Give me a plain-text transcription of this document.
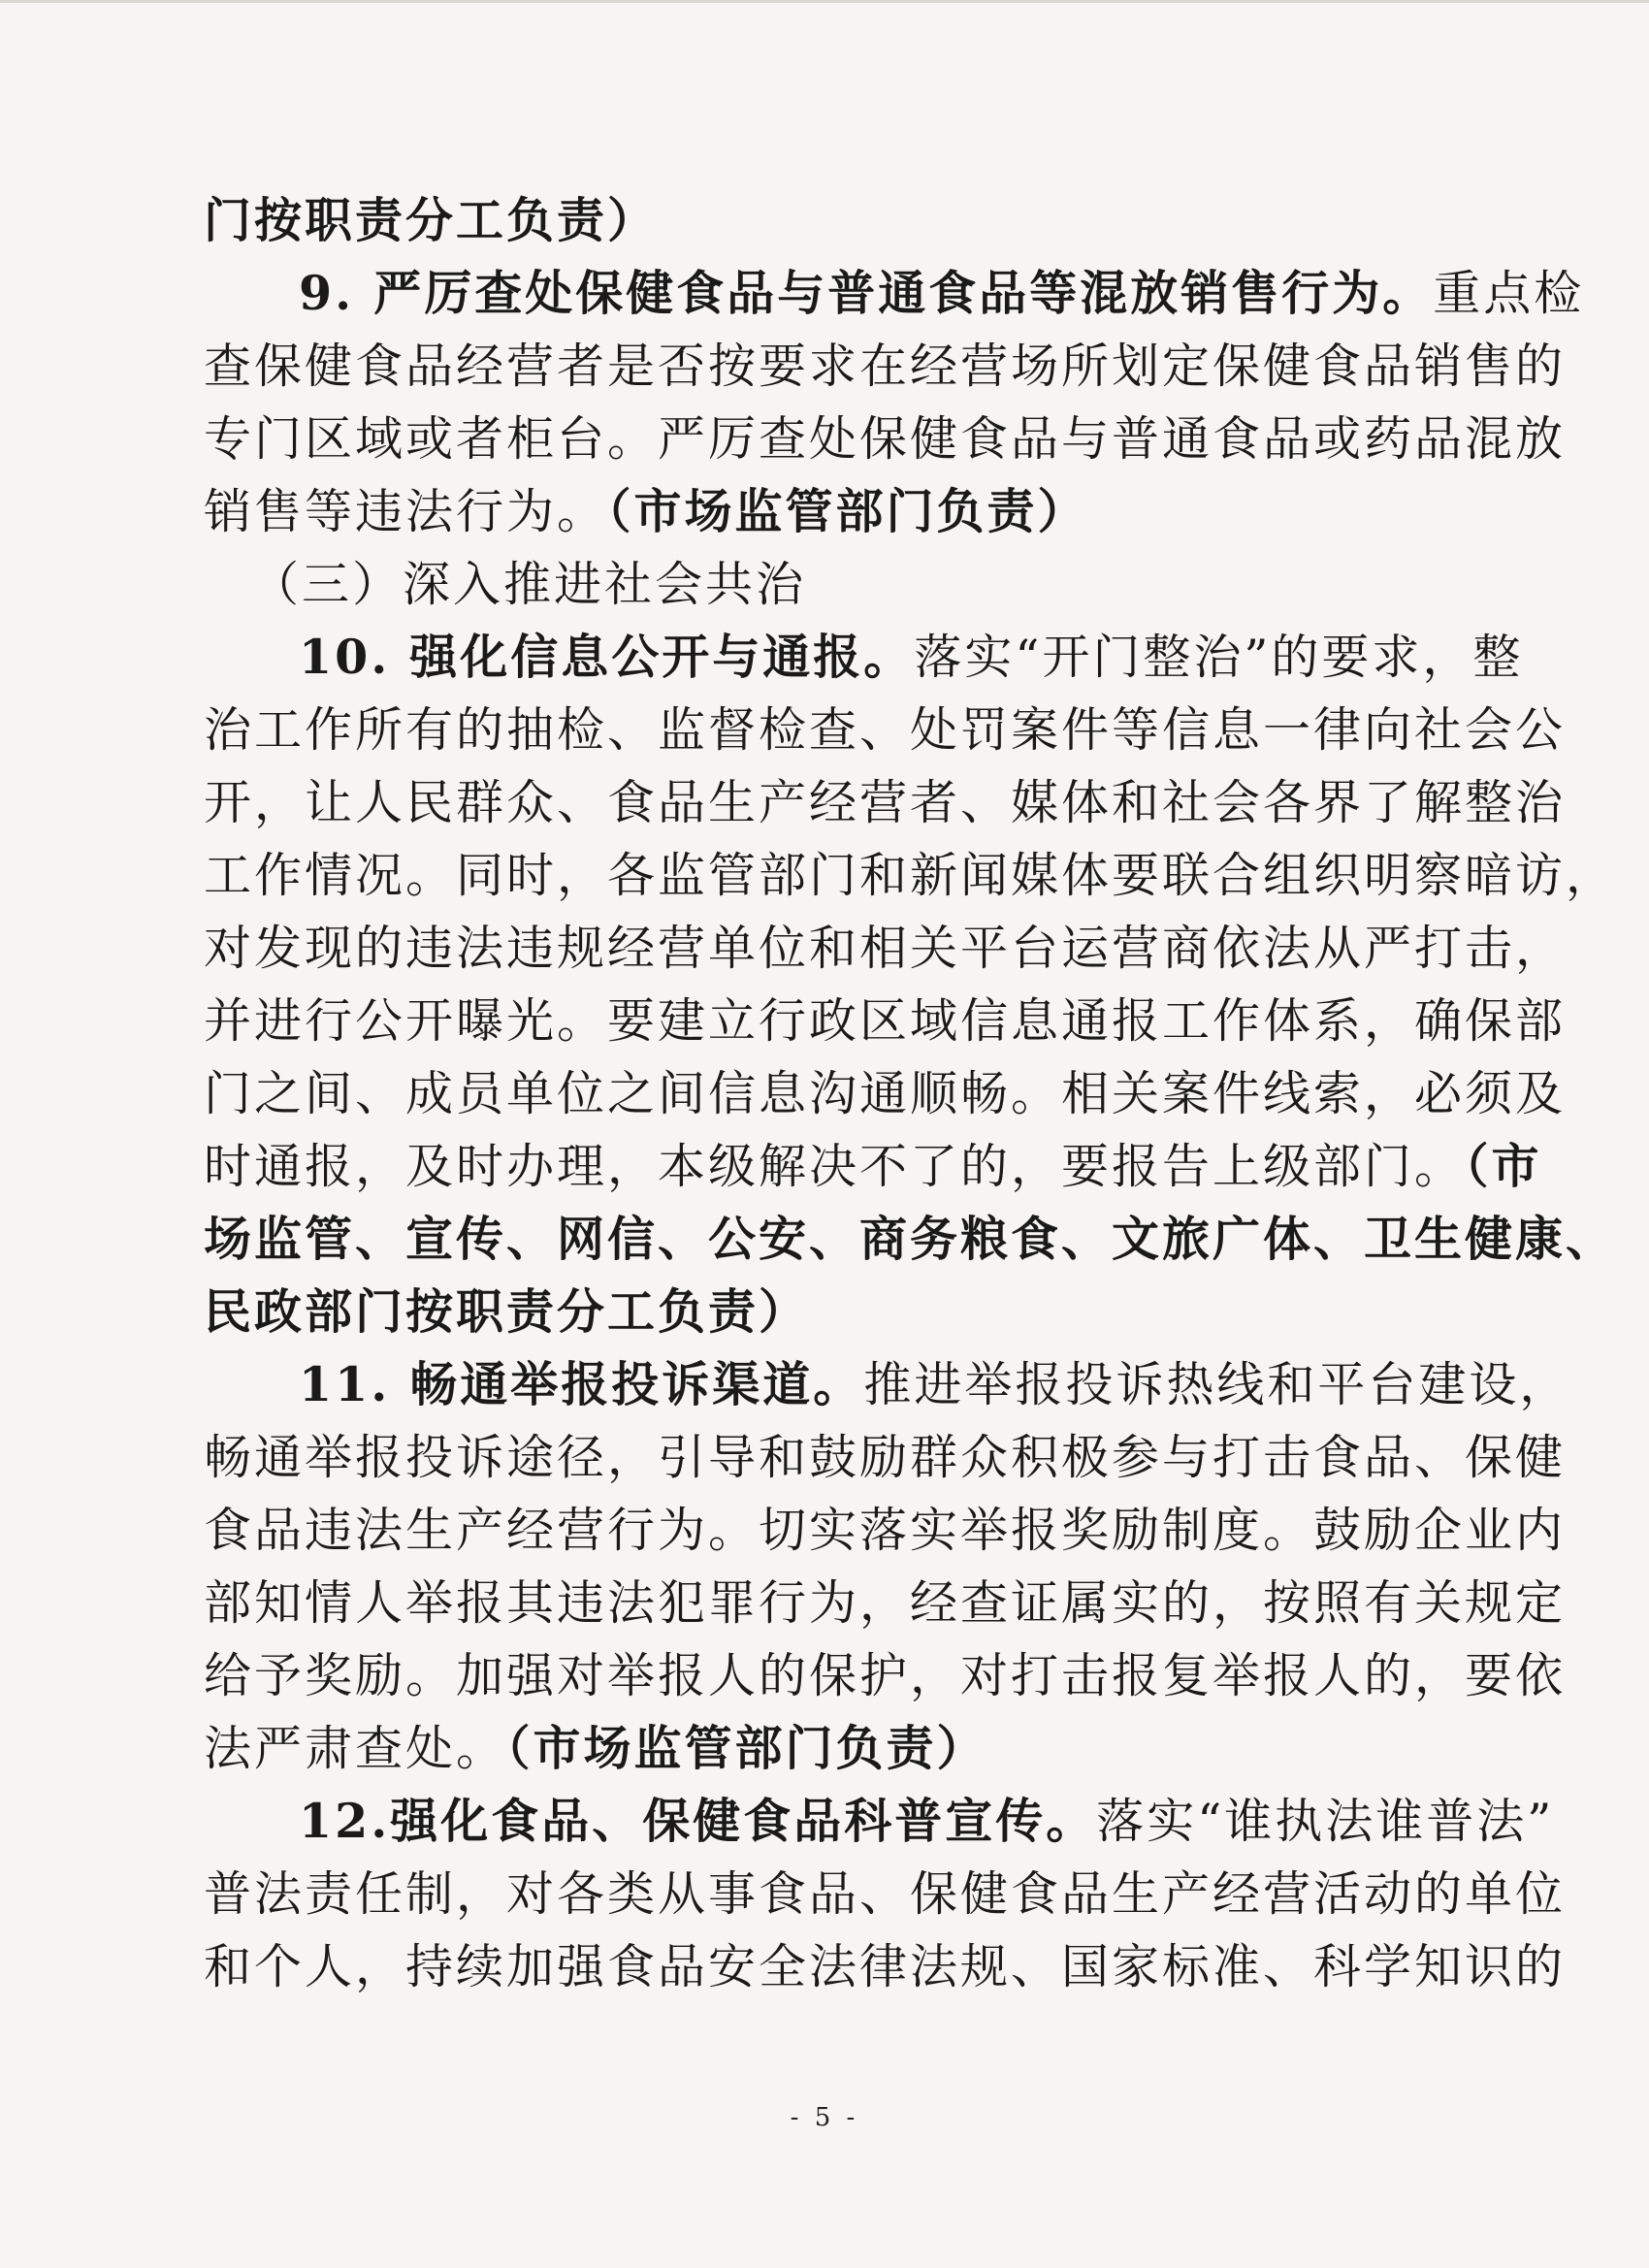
门按职责分工负责）
9. 严厉查处保健食品与普通食品等混放销售行为。重点检
查保健食品经营者是否按要求在经营场所划定保健食品销售的
专门区域或者柜台。严厉查处保健食品与普通食品或药品混放
销售等违法行为。（市场监管部门负责）
（三）深入推进社会共治
10. 强化信息公开与通报。落实“开门整治”的要求，整
治工作所有的抽检、监督检查、处罚案件等信息一律向社会公
开，让人民群众、食品生产经营者、媒体和社会各界了解整治
工作情况。同时，各监管部门和新闻媒体要联合组织明察暗访，
对发现的违法违规经营单位和相关平台运营商依法从严打击，
并进行公开曝光。要建立行政区域信息通报工作体系，确保部
门之间、成员单位之间信息沟通顺畅。相关案件线索，必须及
时通报，及时办理，本级解决不了的，要报告上级部门。（市
场监管、宣传、网信、公安、商务粮食、文旅广体、卫生健康、
民政部门按职责分工负责）
11. 畅通举报投诉渠道。推进举报投诉热线和平台建设，
畅通举报投诉途径，引导和鼓励群众积极参与打击食品、保健
食品违法生产经营行为。切实落实举报奖励制度。鼓励企业内
部知情人举报其违法犯罪行为，经查证属实的，按照有关规定
给予奖励。加强对举报人的保护，对打击报复举报人的，要依
法严肃查处。（市场监管部门负责）
12.强化食品、保健食品科普宣传。落实“谁执法谁普法”
普法责任制，对各类从事食品、保健食品生产经营活动的单位
和个人，持续加强食品安全法律法规、国家标准、科学知识的
- 5 -
